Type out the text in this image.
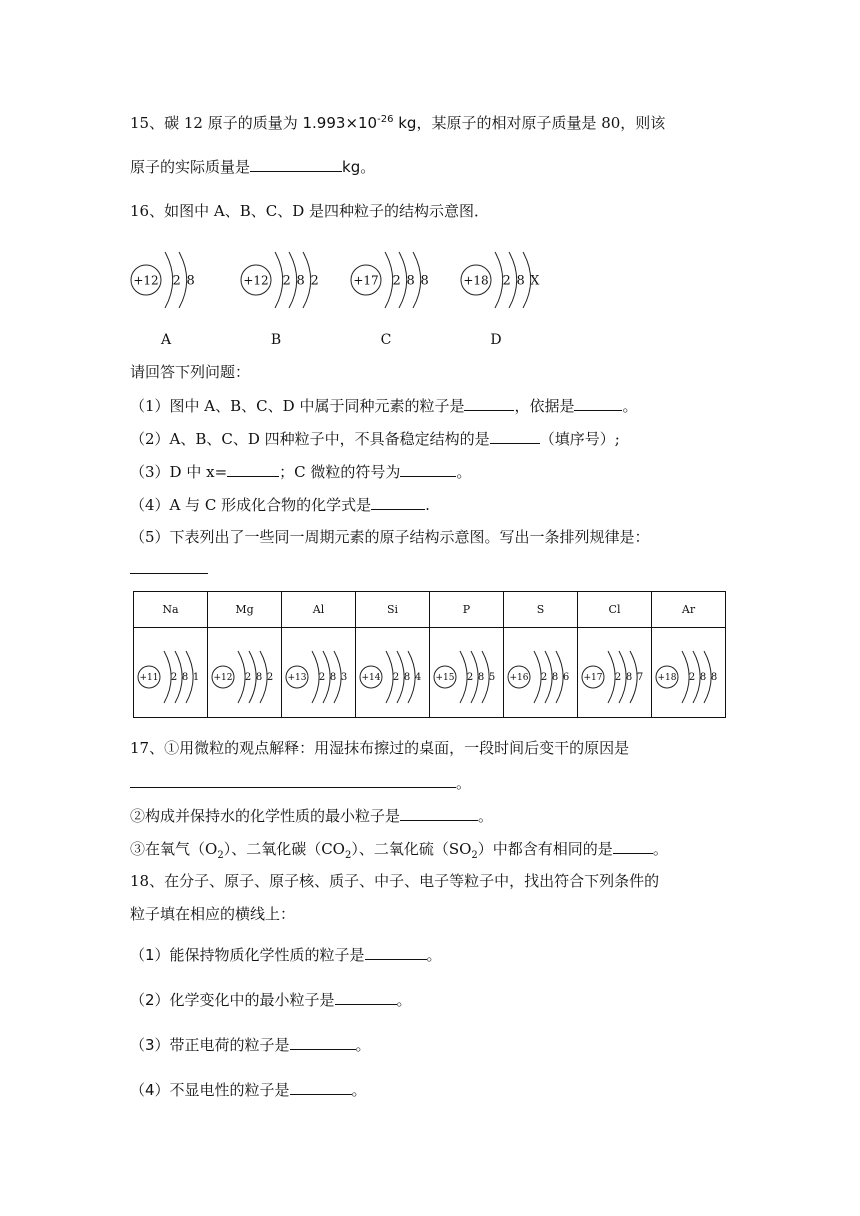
15、碳 12 原子的质量为 $1.993\times 10^{-26}$ kg，某原子的相对原子质量是 80，则该
原子的实际质量是	kg。
16、如图中 A、B、C、D 是四种粒子的结构示意图．
+12 2 8
A
+12 2 8 2
B
+17 2 8 8
C
+18 2 8 X
D
请回答下列问题：
（1）图中 A、B、C、D 中属于同种元素的粒子是	，依据是	。
（2）A、B、C、D 四种粒子中，不具备稳定结构的是	（填序号）;
（3）D 中 x=	；C 微粒的符号为	。
（4）A 与 C 形成化合物的化学式是	.
（5）下表列出了一些同一周期元素的原子结构示意图。写出一条排列规律是：
Na	Mg	Al	Si	P	S	Cl	Ar

+11 2 8 1	+12 2 8 2	+13 2 8 3	+14 2 8 4	+15 2 8 5	+16 2 8 6	+17 2 8 7	+18 2 8 8
17、①用微粒的观点解释：用湿抹布擦过的桌面，一段时间后变干的原因是
。
②构成并保持水的化学性质的最小粒子是	。
③在氧气$(O_2)$、二氧化碳$(CO_2)$、二氧化硫$(SO_2)$中都含有相同的是	。
18、在分子、原子、原子核、质子、中子、电子等粒子中，找出符合下列条件的
粒子填在相应的横线上：
（1）能保持物质化学性质的粒子是	。
（2）化学变化中的最小粒子是	。
（3）带正电荷的粒子是	。
（4）不显电性的粒子是	。
